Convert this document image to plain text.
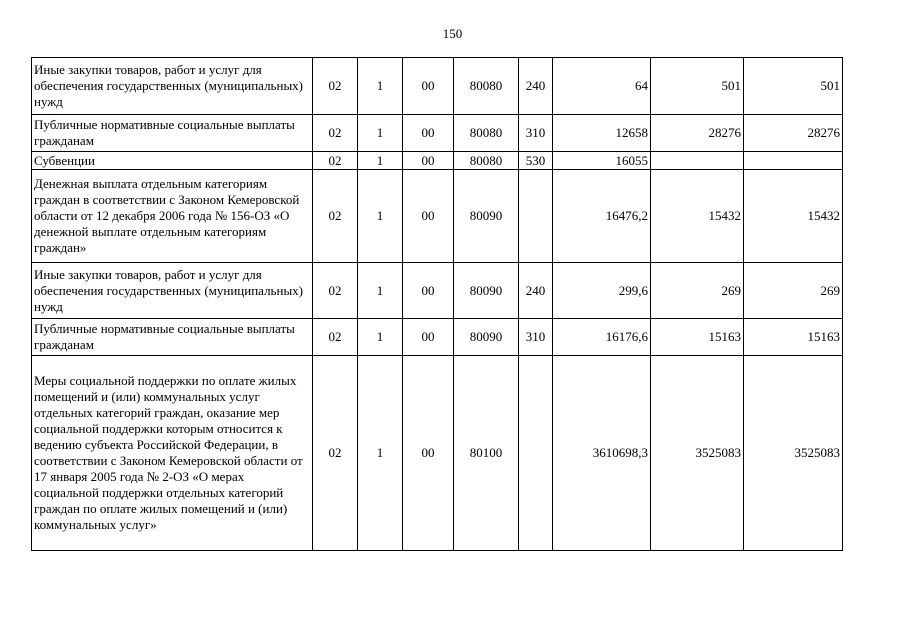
150
Иные закупки товаров, работ и услуг для обеспечения государственных (муниципальных) нужд	02	1	00	80080	240	64	501	501
Публичные нормативные социальные выплаты гражданам	02	1	00	80080	310	12658	28276	28276
Субвенции	02	1	00	80080	530	16055		
Денежная выплата отдельным категориям граждан в соответствии с Законом Кемеровской области от 12 декабря 2006 года № 156-ОЗ «О денежной выплате отдельным категориям граждан»	02	1	00	80090		16476,2	15432	15432
Иные закупки товаров, работ и услуг для обеспечения государственных (муниципальных) нужд	02	1	00	80090	240	299,6	269	269
Публичные нормативные социальные выплаты гражданам	02	1	00	80090	310	16176,6	15163	15163
Меры социальной поддержки по оплате жилых помещений и (или) коммунальных услуг отдельных категорий граждан, оказание мер социальной поддержки которым относится к ведению субъекта Российской Федерации, в соответствии с Законом Кемеровской области от 17 января 2005 года № 2-ОЗ «О мерах социальной поддержки отдельных категорий граждан по оплате жилых помещений и (или) коммунальных услуг»	02	1	00	80100		3610698,3	3525083	3525083
